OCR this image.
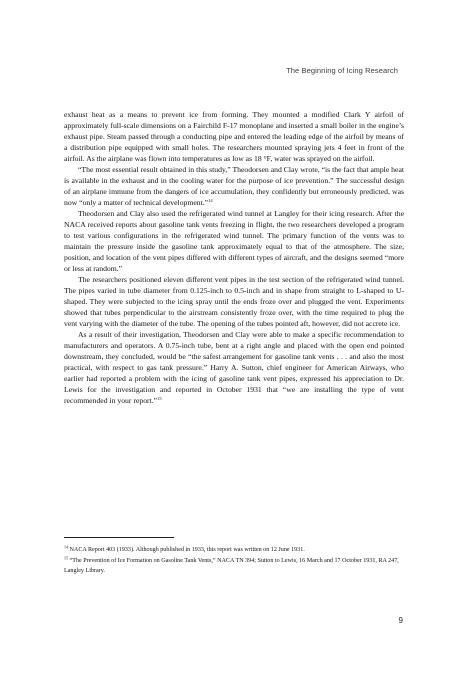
The Beginning of Icing Research

exhaust heat as a means to prevent ice from forming. They mounted a modified Clark Y airfoil of approximately full-scale dimensions on a Fairchild F-17 monoplane and inserted a small boiler in the engine’s exhaust pipe. Steam passed through a conducting pipe and entered the leading edge of the airfoil by means of a distribution pipe equipped with small holes. The researchers mounted spraying jets 4 feet in front of the airfoil. As the airplane was flown into temperatures as low as 18 °F, water was sprayed on the airfoil.

“The most essential result obtained in this study,” Theodorsen and Clay wrote, “is the fact that ample heat is available in the exhaust and in the cooling water for the purpose of ice prevention.” The successful design of an airplane immune from the dangers of ice accumulation, they confidently but erroneously predicted, was now “only a matter of technical development.”$^{14}$

Theodorsen and Clay also used the refrigerated wind tunnel at Langley for their icing research. After the NACA received reports about gasoline tank vents freezing in flight, the two researchers developed a program to test various configurations in the refrigerated wind tunnel. The primary function of the vents was to maintain the pressure inside the gasoline tank approximately equal to that of the atmosphere. The size, position, and location of the vent pipes differed with different types of aircraft, and the designs seemed “more or less at random.”

The researchers positioned eleven different vent pipes in the test section of the refrigerated wind tunnel. The pipes varied in tube diameter from 0.125-inch to 0.5-inch and in shape from straight to L-shaped to U-shaped. They were subjected to the icing spray until the ends froze over and plugged the vent. Experiments showed that tubes perpendicular to the airstream consistently froze over, with the time required to plug the vent varying with the diameter of the tube. The opening of the tubes pointed aft, however, did not accrete ice.

As a result of their investigation, Theodorsen and Clay were able to make a specific recommendation to manufacturers and operators. A 0.75-inch tube, bent at a right angle and placed with the open end pointed downstream, they concluded, would be “the safest arrangement for gasoline tank vents . . . and also the most practical, with respect to gas tank pressure.” Harry A. Sutton, chief engineer for American Airways, who earlier had reported a problem with the icing of gasoline tank vent pipes, expressed his appreciation to Dr. Lewis for the investigation and reported in October 1931 that “we are installing the type of vent recommended in your report.”$^{15}$

$^{14}$ NACA Report 403 (1933). Although published in 1933, this report was written on 12 June 1931.

$^{15}$ “The Prevention of Ice Formation on Gasoline Tank Vents,” NACA TN 394; Sutton to Lewis, 16 March and 17 October 1931, RA 247, Langley Library.

9
